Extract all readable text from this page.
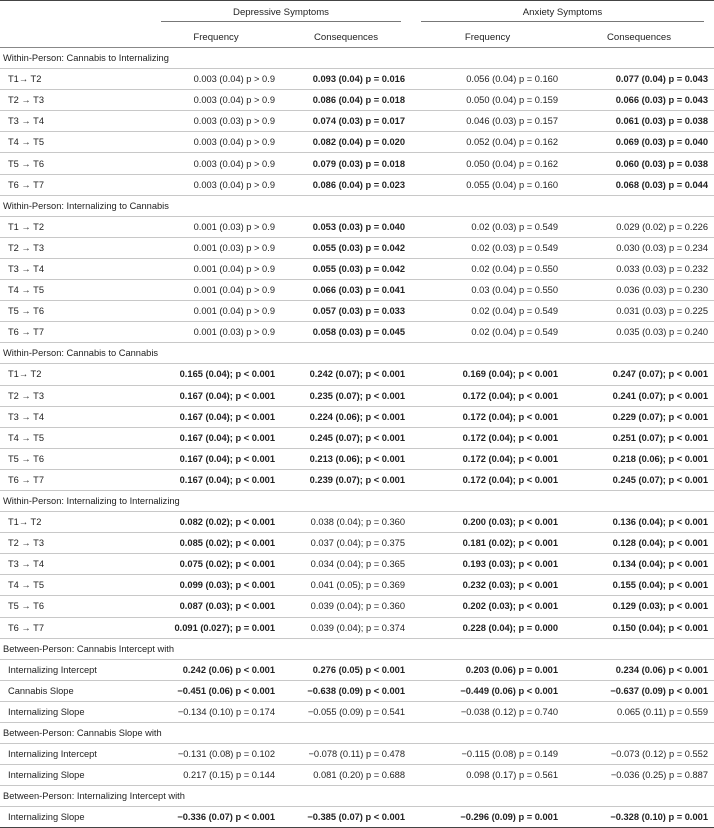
	Depressive Symptoms		Anxiety Symptoms	

	Frequency	Consequences	Frequency	Consequences
Within-Person: Cannabis to Internalizing				
T1→ T2	0.003 (0.04) p > 0.9	0.093 (0.04) p = 0.016	0.056 (0.04) p = 0.160	0.077 (0.04) p = 0.043
T2 → T3	0.003 (0.04) p > 0.9	0.086 (0.04) p = 0.018	0.050 (0.04) p = 0.159	0.066 (0.03) p = 0.043
T3 → T4	0.003 (0.03) p > 0.9	0.074 (0.03) p = 0.017	0.046 (0.03) p = 0.157	0.061 (0.03) p = 0.038
T4 → T5	0.003 (0.04) p > 0.9	0.082 (0.04) p = 0.020	0.052 (0.04) p = 0.162	0.069 (0.03) p = 0.040
T5 → T6	0.003 (0.04) p > 0.9	0.079 (0.03) p = 0.018	0.050 (0.04) p = 0.162	0.060 (0.03) p = 0.038
T6 → T7	0.003 (0.04) p > 0.9	0.086 (0.04) p = 0.023	0.055 (0.04) p = 0.160	0.068 (0.03) p = 0.044
Within-Person: Internalizing to Cannabis				
T1 → T2	0.001 (0.03) p > 0.9	0.053 (0.03) p = 0.040	0.02 (0.03) p = 0.549	0.029 (0.02) p = 0.226
T2 → T3	0.001 (0.03) p > 0.9	0.055 (0.03) p = 0.042	0.02 (0.03) p = 0.549	0.030 (0.03) p = 0.234
T3 → T4	0.001 (0.04) p > 0.9	0.055 (0.03) p = 0.042	0.02 (0.04) p = 0.550	0.033 (0.03) p = 0.232
T4 → T5	0.001 (0.04) p > 0.9	0.066 (0.03) p = 0.041	0.03 (0.04) p = 0.550	0.036 (0.03) p = 0.230
T5 → T6	0.001 (0.04) p > 0.9	0.057 (0.03) p = 0.033	0.02 (0.04) p = 0.549	0.031 (0.03) p = 0.225
T6 → T7	0.001 (0.03) p > 0.9	0.058 (0.03) p = 0.045	0.02 (0.04) p = 0.549	0.035 (0.03) p = 0.240
Within-Person: Cannabis to Cannabis				
T1→ T2	0.165 (0.04); p < 0.001	0.242 (0.07); p < 0.001	0.169 (0.04); p < 0.001	0.247 (0.07); p < 0.001
T2 → T3	0.167 (0.04); p < 0.001	0.235 (0.07); p < 0.001	0.172 (0.04); p < 0.001	0.241 (0.07); p < 0.001
T3 → T4	0.167 (0.04); p < 0.001	0.224 (0.06); p < 0.001	0.172 (0.04); p < 0.001	0.229 (0.07); p < 0.001
T4 → T5	0.167 (0.04); p < 0.001	0.245 (0.07); p < 0.001	0.172 (0.04); p < 0.001	0.251 (0.07); p < 0.001
T5 → T6	0.167 (0.04); p < 0.001	0.213 (0.06); p < 0.001	0.172 (0.04); p < 0.001	0.218 (0.06); p < 0.001
T6 → T7	0.167 (0.04); p < 0.001	0.239 (0.07); p < 0.001	0.172 (0.04); p < 0.001	0.245 (0.07); p < 0.001
Within-Person: Internalizing to Internalizing				
T1→ T2	0.082 (0.02); p < 0.001	0.038 (0.04); p = 0.360	0.200 (0.03); p < 0.001	0.136 (0.04); p < 0.001
T2 → T3	0.085 (0.02); p < 0.001	0.037 (0.04); p = 0.375	0.181 (0.02); p < 0.001	0.128 (0.04); p < 0.001
T3 → T4	0.075 (0.02); p < 0.001	0.034 (0.04); p = 0.365	0.193 (0.03); p < 0.001	0.134 (0.04); p < 0.001
T4 → T5	0.099 (0.03); p < 0.001	0.041 (0.05); p = 0.369	0.232 (0.03); p < 0.001	0.155 (0.04); p < 0.001
T5 → T6	0.087 (0.03); p < 0.001	0.039 (0.04); p = 0.360	0.202 (0.03); p < 0.001	0.129 (0.03); p < 0.001
T6 → T7	0.091 (0.027); p = 0.001	0.039 (0.04); p = 0.374	0.228 (0.04); p = 0.000	0.150 (0.04); p < 0.001
Between-Person: Cannabis Intercept with				
Internalizing Intercept	0.242 (0.06) p < 0.001	0.276 (0.05) p < 0.001	0.203 (0.06) p = 0.001	0.234 (0.06) p < 0.001
Cannabis Slope	−0.451 (0.06) p < 0.001	−0.638 (0.09) p < 0.001	−0.449 (0.06) p < 0.001	−0.637 (0.09) p < 0.001
Internalizing Slope	−0.134 (0.10) p = 0.174	−0.055 (0.09) p = 0.541	−0.038 (0.12) p = 0.740	0.065 (0.11) p = 0.559
Between-Person: Cannabis Slope with				
Internalizing Intercept	−0.131 (0.08) p = 0.102	−0.078 (0.11) p = 0.478	−0.115 (0.08) p = 0.149	−0.073 (0.12) p = 0.552
Internalizing Slope	0.217 (0.15) p = 0.144	0.081 (0.20) p = 0.688	0.098 (0.17) p = 0.561	−0.036 (0.25) p = 0.887
Between-Person: Internalizing Intercept with				
Internalizing Slope	−0.336 (0.07) p < 0.001	−0.385 (0.07) p < 0.001	−0.296 (0.09) p = 0.001	−0.328 (0.10) p = 0.001
